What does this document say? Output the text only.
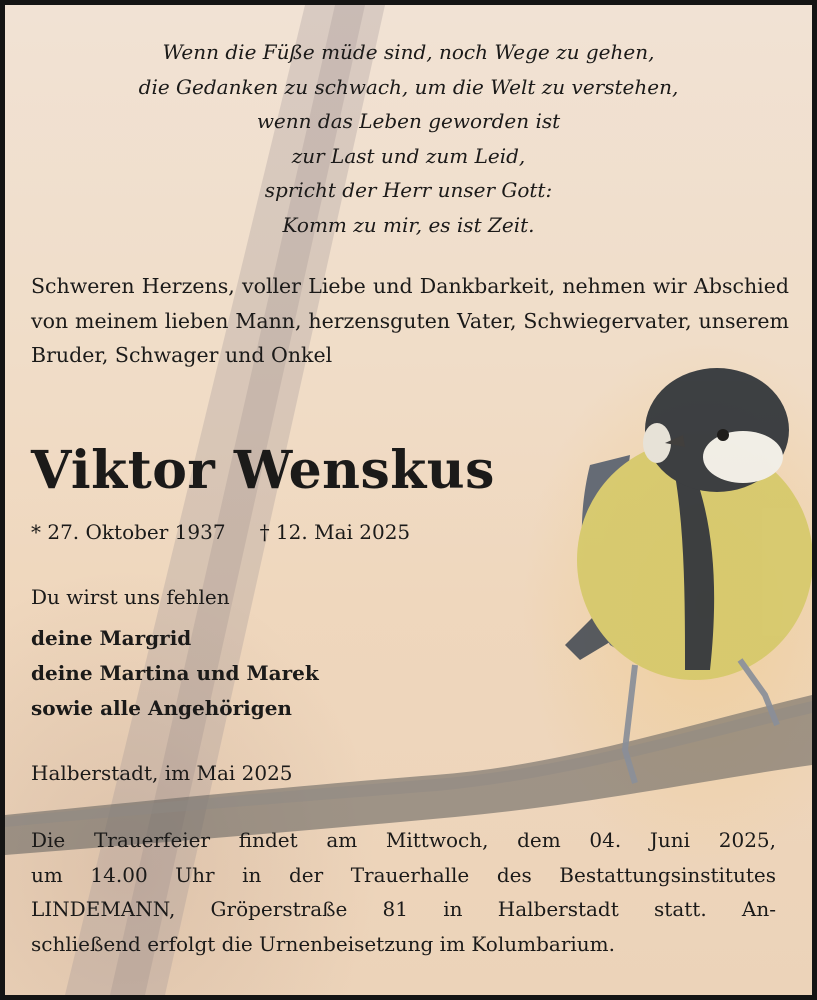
Wenn die Füße müde sind, noch Wege zu gehen,
die Gedanken zu schwach, um die Welt zu verstehen,
wenn das Leben geworden ist
zur Last und zum Leid,
spricht der Herr unser Gott:
Komm zu mir, es ist Zeit.
Schweren Herzens, voller Liebe und Dankbarkeit, nehmen wir Abschied von meinem lieben Mann, herzensguten Vater, Schwiegervater, unserem Bruder, Schwager und Onkel
Viktor Wenskus
* 27. Oktober 1937 † 12. Mai 2025
Du wirst uns fehlen
deine Margrid
deine Martina und Marek
sowie alle Angehörigen
Halberstadt, im Mai 2025
Die Trauerfeier findet am Mittwoch, dem 04. Juni 2025,
um 14.00 Uhr in der Trauerhalle des Bestattungsinstitutes
LINDEMANN, Gröperstraße 81 in Halberstadt statt. An-
schließend erfolgt die Urnenbeisetzung im Kolumbarium.
